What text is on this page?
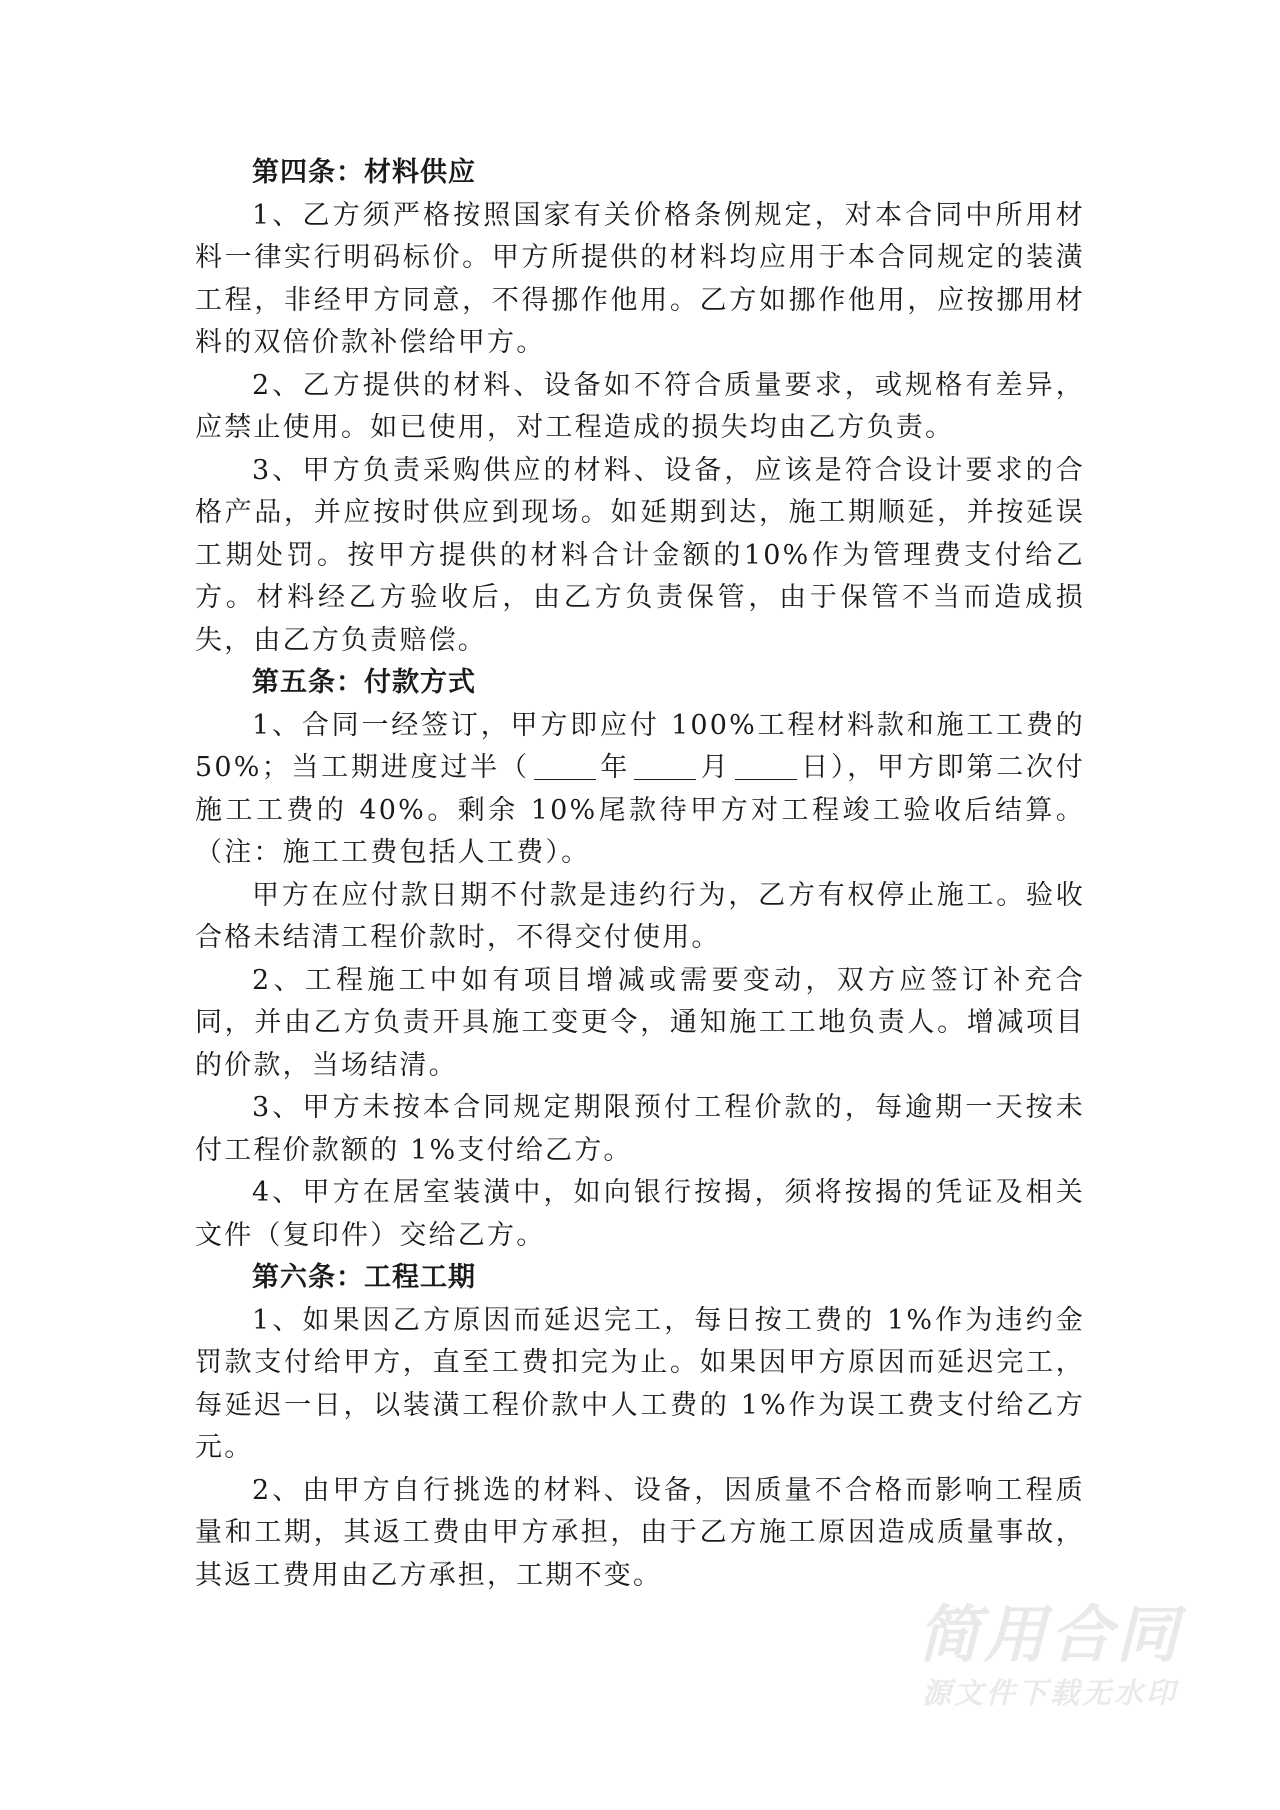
第四条：材料供应

1、乙方须严格按照国家有关价格条例规定，对本合同中所用材料一律实行明码标价。甲方所提供的材料均应用于本合同规定的装潢工程，非经甲方同意，不得挪作他用。乙方如挪作他用，应按挪用材料的双倍价款补偿给甲方。

2、乙方提供的材料、设备如不符合质量要求，或规格有差异，应禁止使用。如已使用，对工程造成的损失均由乙方负责。

3、甲方负责采购供应的材料、设备，应该是符合设计要求的合格产品，并应按时供应到现场。如延期到达，施工期顺延，并按延误工期处罚。按甲方提供的材料合计金额的10%作为管理费支付给乙方。材料经乙方验收后，由乙方负责保管，由于保管不当而造成损失，由乙方负责赔偿。

第五条：付款方式

1、合同一经签订，甲方即应付 100%工程材料款和施工工费的50%；当工期进度过半（	年	月	日），甲方即第二次付施工工费的 40%。剩余 10%尾款待甲方对工程竣工验收后结算。（注：施工工费包括人工费）。

甲方在应付款日期不付款是违约行为，乙方有权停止施工。验收合格未结清工程价款时，不得交付使用。

2、工程施工中如有项目增减或需要变动，双方应签订补充合同，并由乙方负责开具施工变更令，通知施工工地负责人。增减项目的价款，当场结清。

3、甲方未按本合同规定期限预付工程价款的，每逾期一天按未付工程价款额的 1%支付给乙方。

4、甲方在居室装潢中，如向银行按揭，须将按揭的凭证及相关文件（复印件）交给乙方。

第六条：工程工期

1、如果因乙方原因而延迟完工，每日按工费的 1%作为违约金罚款支付给甲方，直至工费扣完为止。如果因甲方原因而延迟完工，每延迟一日，以装潢工程价款中人工费的 1%作为误工费支付给乙方元。

2、由甲方自行挑选的材料、设备，因质量不合格而影响工程质量和工期，其返工费由甲方承担，由于乙方施工原因造成质量事故，其返工费用由乙方承担，工期不变。

简用合同
源文件下载无水印
